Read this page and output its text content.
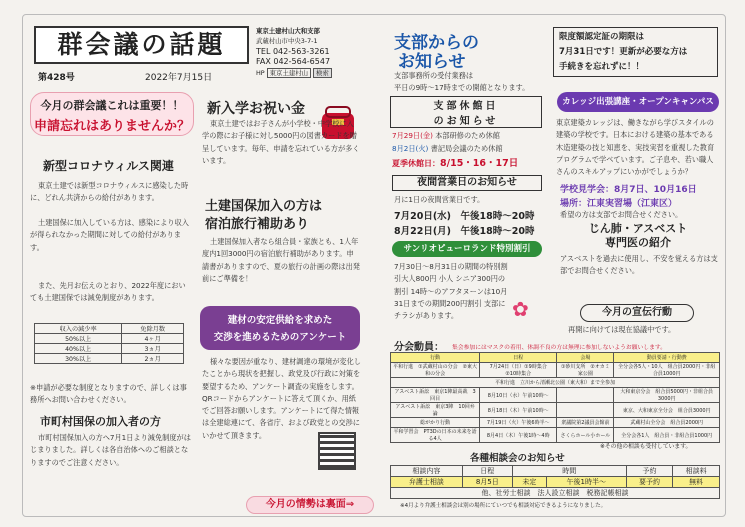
群会議の話題
第428号	2022年7月15日
東京土建村山大和支部
武蔵村山市中央3-7-1
TEL 042-563-3261
FAX 042-564-6547
HP 東京土建村山	検索
今月の群会議これは重要！！
申請忘れはありませんか？
新型コロナウィルス関連
東京土建では新型コロナウィルスに感染した時に、どれん共済からの給付があります。
土建国保に加入している方は、感染により収入が得られなかった期間に対しての給付があります。
また、先月お伝えのとおり、2022年度においても土建国保では減免制度があります。
収入の減少率	免除月数
50%以上	4ヶ月
40%以上	3ヵ月
30%以上	2ヵ月
※申請が必要な制度となりますので、詳しくは事務所へお問い合わせください。
市町村国保の加入者の方
市町村国保加入の方へ7月1日より減免制度がはじまりました。詳しくは各自治体へのご相談となりますのでご注意ください。
新入学お祝い金
東京土建ではお子さんが小学校・中学校に入学の際にお子様に対し5000円の図書カードを贈呈しています。毎年、申請を忘れている方が多くいます。
土建国保加入の方は
宿泊旅行補助あり
土建国保加入者なら組合員・家族とも、1人年度内1回3000円の宿泊旅行補助があります。申請書がありますので、夏の旅行の計画の際は出発前にご準備を！
建材の安定供給を求めた
交渉を進めるためのアンケート
様々な要因が重なり、建材調達の環境が変化したことから現状を把握し、政党及び行政に対策を要望するため、アンケート調査の実施をします。QRコードからアンケートに答えて頂くか、用紙でご回答お願いします。アンケートにて得た情報は全建総連にて、各省庁、および政党との交渉にいかせて頂きます。
支部からの
お知らせ
支部事務所の受付業務は
平日の9時～17時までの開館となります。
支部休館日
のお知らせ
7月29日(金) 本部研修のため休館
8月2日(火) 書記局会議のため休館
夏季休館日：8/15・16・17日
夜間営業日のお知らせ
月に1日の夜間営業日です。
7月20日(水)　午後18時～20時
8月22日(月)　午後18時～20時
サンリオピューロランド特別割引
7月30日～8月31日の期間の特別割引大人800円 小人 シニア300円の割引 14時～のアフタヌーンは10月31日までの期間200円割引 支部にチラシがあります。	✿
限度額認定証の期限は
7月31日です！更新が必要な方は
手続きを忘れずに！！
カレッジ出張講座・オープンキャンパス
東京建築カレッジは、働きながら学びスタイルの建築の学校です。日本における建築の基本である木造建築の技と知恵を、実技実習を重視した教育プログラムで学べています。ご子息や、若い職人さんのスキルアップにいかがでしょうか？
学校見学会：8月7日、10月16日
場所：江東実習場（江東区）
希望の方は支部でお問合せください。
じん肺・アスベスト
専門医の紹介
アスベストを過去に使用し、不安を覚える方は支部でお問合せください。
今月の宣伝行動
再開に向けては現在協議中です。
分会動員： 集会参加にはマスクの着用、体調不良の方は無理に参加しないようお願いします。
行動	日程	会場	動員要請・行動費
平和行進　①武蔵村山の分会　②東大和の分会	7月24日（日）①9時集合　②10時集合	①砂川支所　②オカミ家公園	全分会各5人・10人　組合員2000円・非組合員1000円
平和行進　立川から清瀬北公園（東大和）まで全参加			
アスベスト訴訟　東京1陣最高裁　3回目	8月10日（水）午前10時～		大和東京分会　組合員5000円・非組合員3000円
アスベスト訴訟　東京3陣　10回弁論	8月18日（木）午前10時～		東京、大和東京全分会　組合員3000円
総がかり行動	7月19日（火）午後6時半～	衆議院第2議員会館前	武蔵村山全分会　組合員2000円
平和学習会　PT3Dの日本の未来を語る4人	8月4日（木）午後1時～4時	さくらホール小ホール	全分会各1人　組合員・非組合員1000円
※その他の相談も受付しています。
各種相談会のお知らせ
相談内容	日程	時間		予約	相談料
弁護士相談	8月5日	未定	午後1時半～	要予約	無料
他、社労士相談　法人設立相談　税務記帳相談					
※4月より弁護士相談会は別の場所にていつでも相談対応できるようになりました。
今月の情勢は裏面⇒
